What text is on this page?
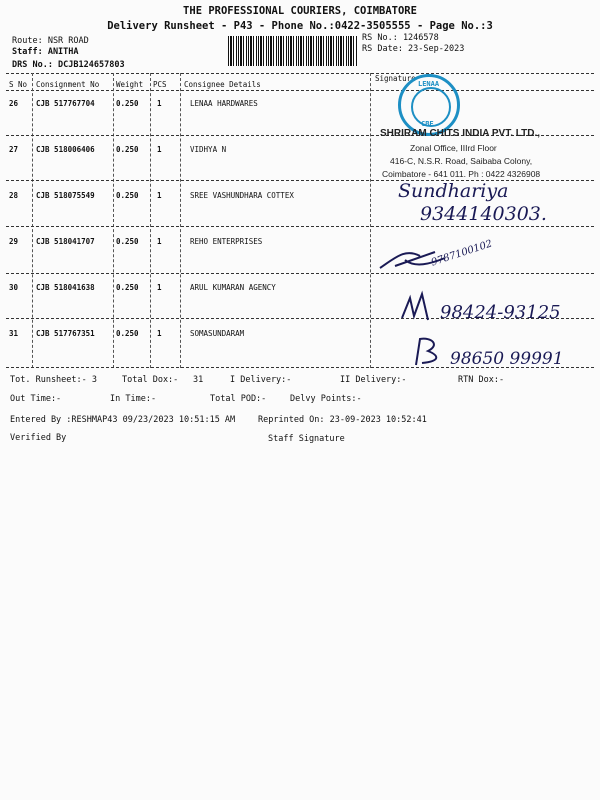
THE PROFESSIONAL COURIERS, COIMBATORE
Delivery Runsheet - P43 - Phone No.:0422-3505555 - Page No.:3
Route: NSR ROAD
Staff: ANITHA
DRS No.: DCJB124657803
RS No.: 1246578
RS Date: 23-Sep-2023
S No Consignment No Weight PCS Consignee Details
Signature
26 CJB 517767704	0.250 1	LENAA HARDWARES
27 CJB 518006406	0.250 1	VIDHYA N
28 CJB 518075549	0.250 1	SREE VASHUNDHARA COTTEX
29 CJB 518041707	0.250 1	REHO ENTERPRISES
30 CJB 518041638	0.250 1	ARUL KUMARAN AGENCY
31 CJB 517767351	0.250 1	SOMASUNDARAM
LENAA
CBE
SHRIRAM CHITS INDIA PVT. LTD.,
Zonal Office, IIIrd Floor
416-C, N.S.R. Road, Saibaba Colony,
Coimbatore - 641 011. Ph : 0422 4326908
Sundhariya
9344140303.
9787100102
98424-93125
98650 99991
Tot. Runsheet:- 3	Total Dox:- 31	I Delivery:-	II Delivery:-	RTN Dox:-
Out Time:-	In Time:-	Total POD:-	Delvy Points:-
Entered By :RESHMAP43 09/23/2023 10:51:15 AM	Reprinted On: 23-09-2023 10:52:41
Verified By	Staff Signature
